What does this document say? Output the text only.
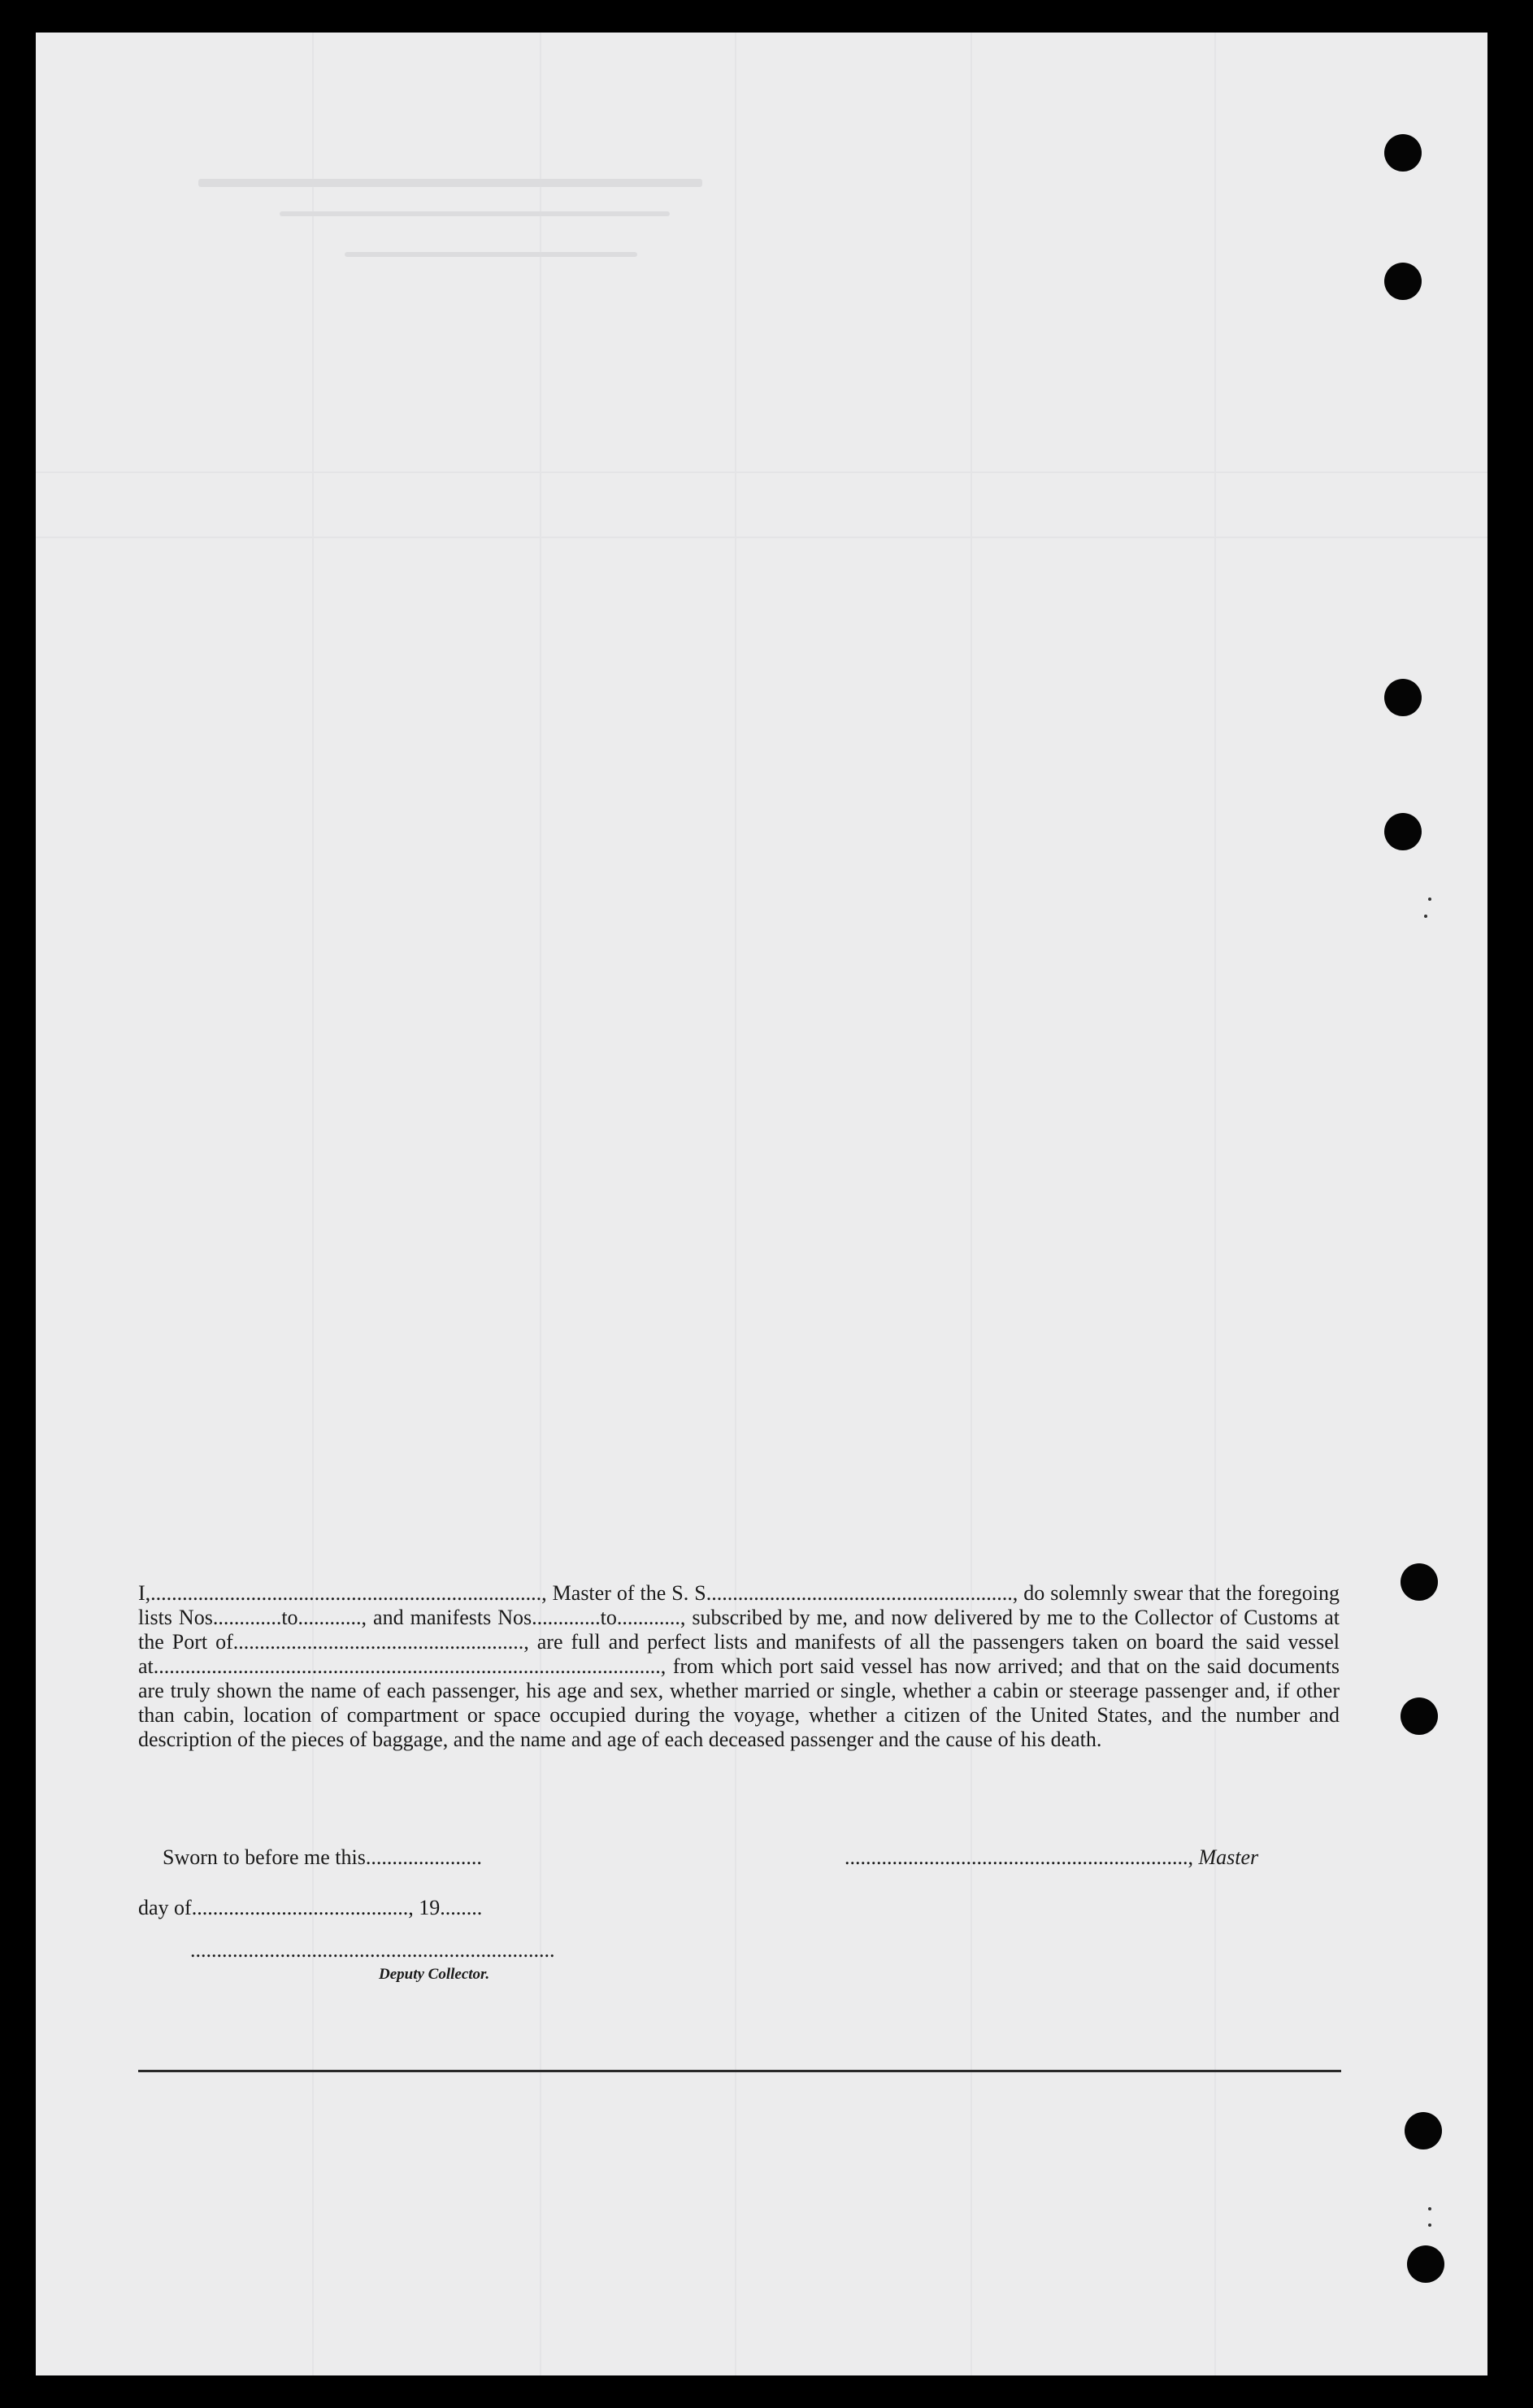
I,.........................................................................., Master of the S. S.........................................................., do solemnly swear that the foregoing lists Nos.............to............, and manifests Nos.............to............, subscribed by me, and now delivered by me to the Collector of Customs at the Port of......................................................., are full and perfect lists and manifests of all the passengers taken on board the said vessel at................................................................................................, from which port said vessel has now arrived; and that on the said documents are truly shown the name of each passenger, his age and sex, whether married or single, whether a cabin or steerage passenger and, if other than cabin, location of compartment or space occupied during the voyage, whether a citizen of the United States, and the number and description of the pieces of baggage, and the name and age of each deceased passenger and the cause of his death.

Sworn to before me this......................	................................................................., Master
day of........................................., 19........
.....................................................................
Deputy Collector.
